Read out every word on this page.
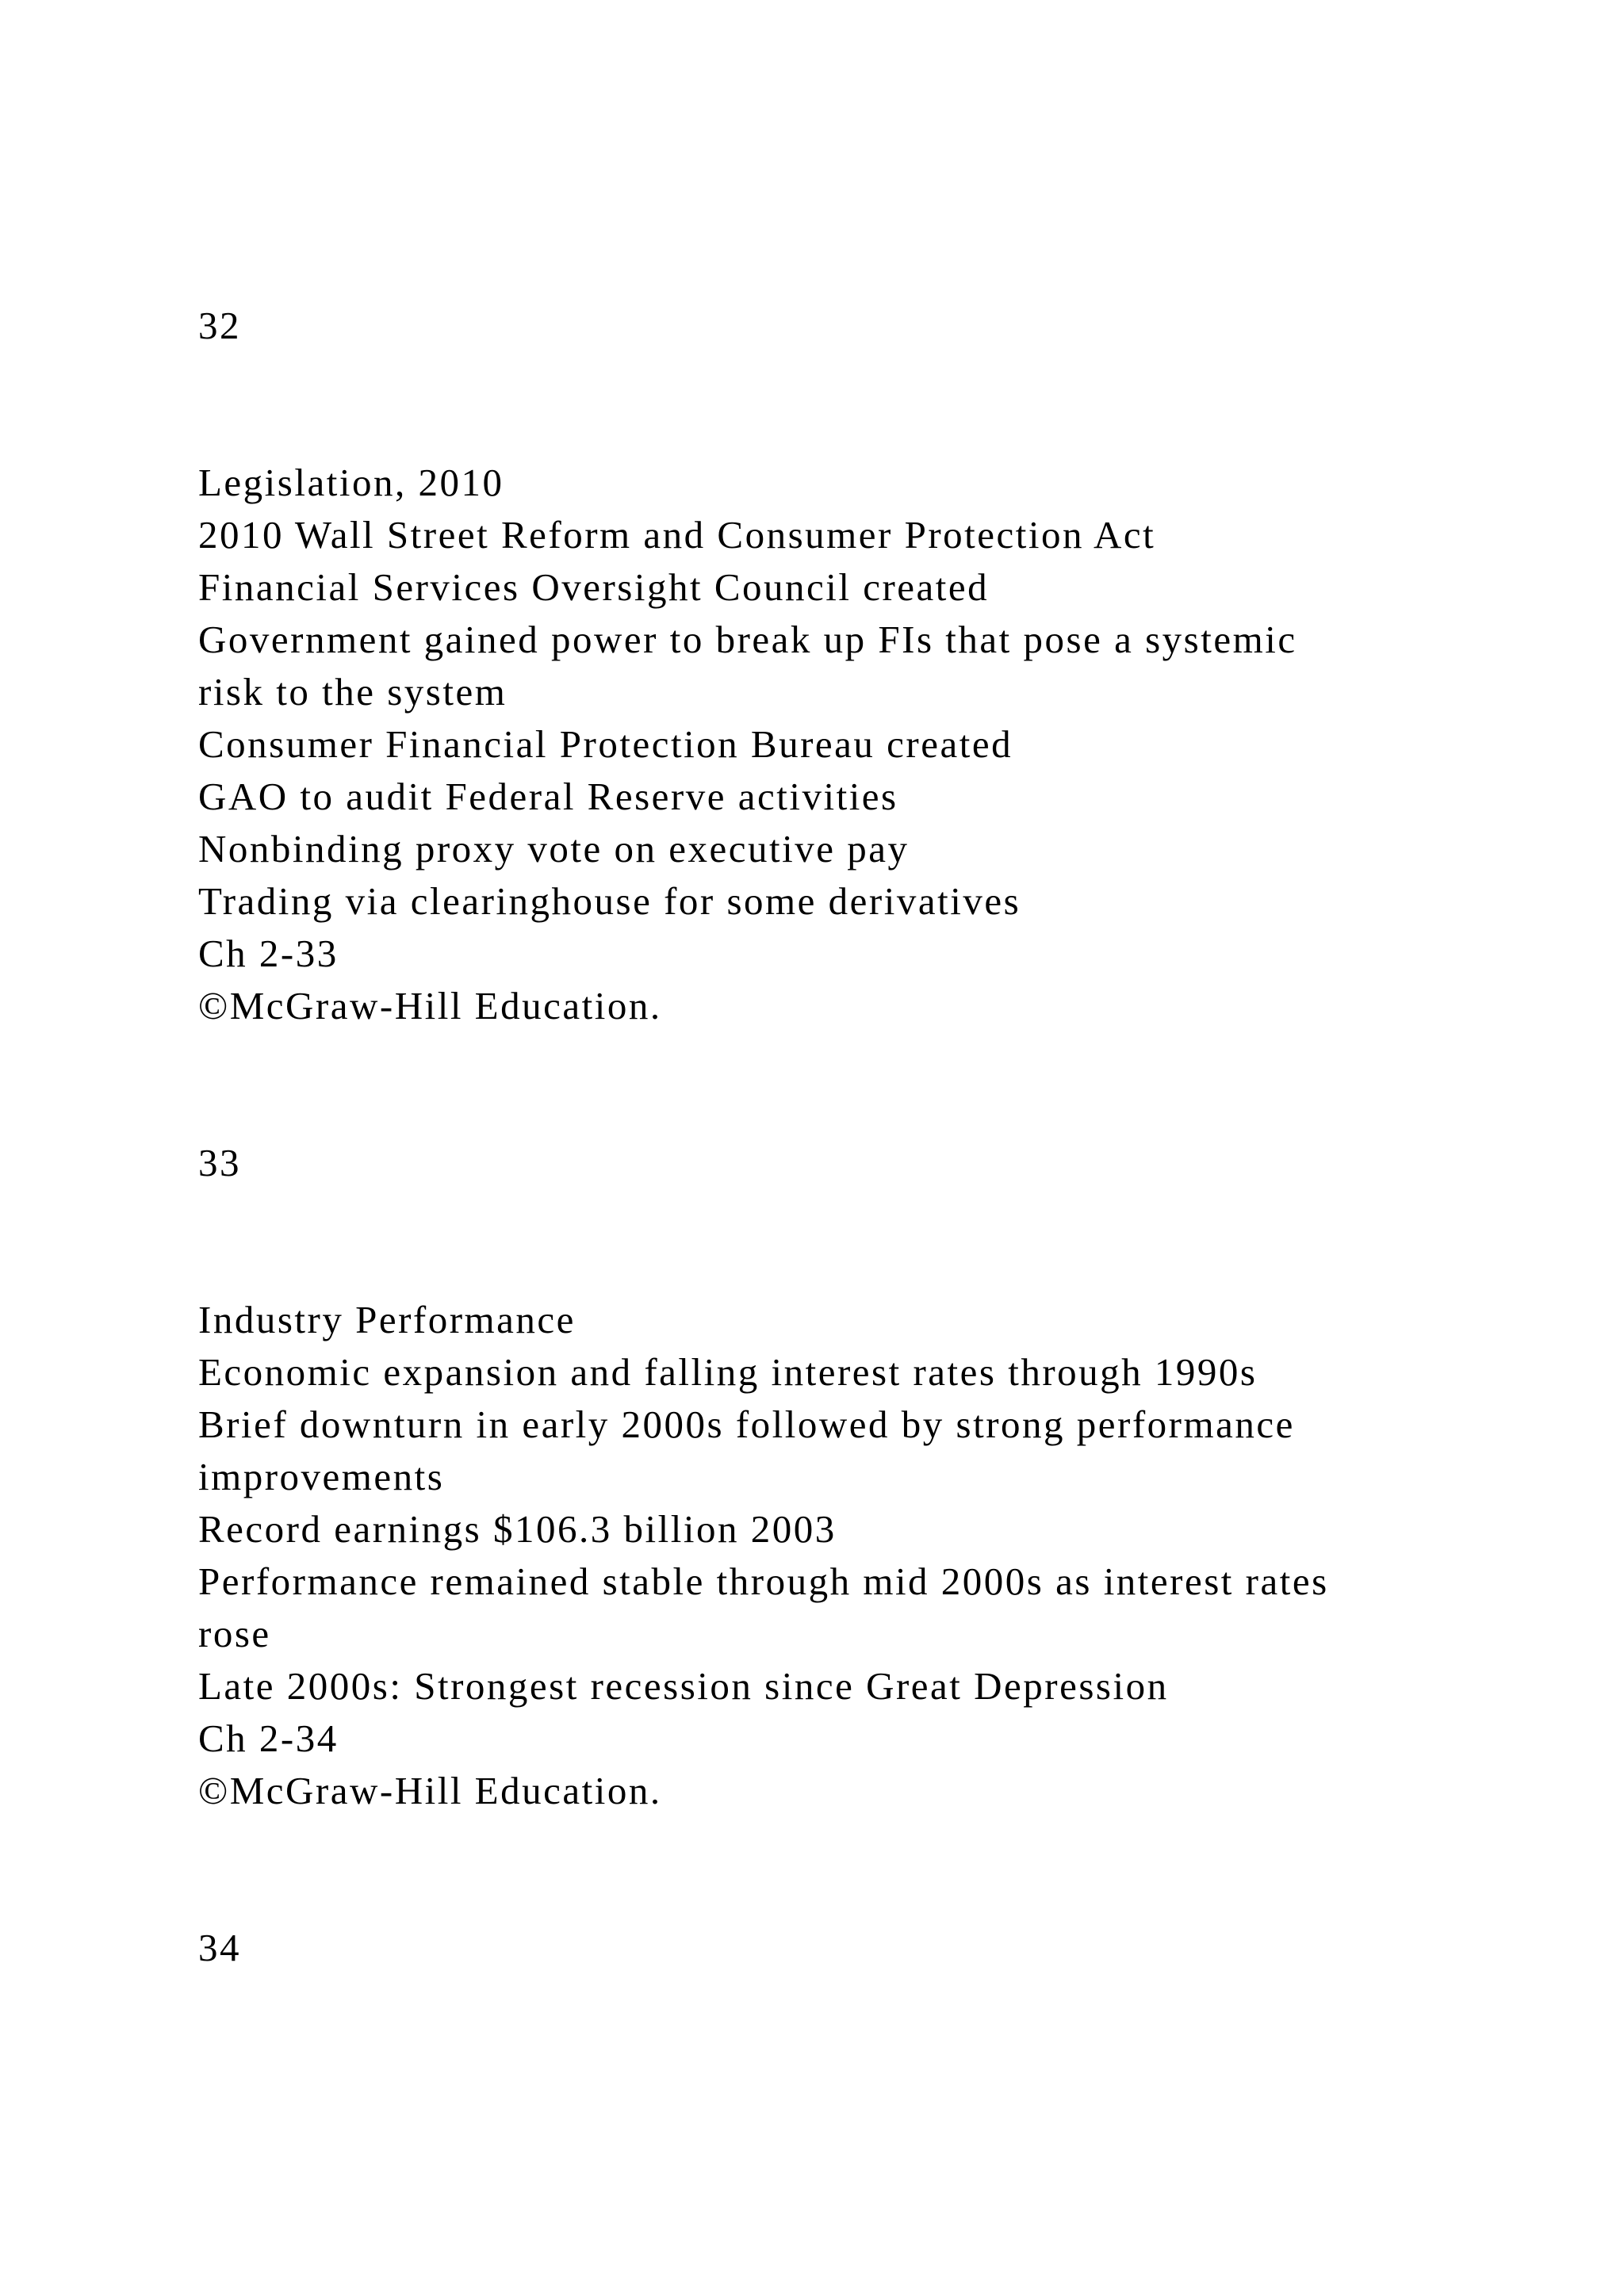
32

Legislation, 2010

2010 Wall Street Reform and Consumer Protection Act

Financial Services Oversight Council created

Government gained power to break up FIs that pose a systemic

risk to the system

Consumer Financial Protection Bureau created

GAO to audit Federal Reserve activities

Nonbinding proxy vote on executive pay

Trading via clearinghouse for some derivatives

Ch 2-33

©McGraw-Hill Education.

33

Industry Performance

Economic expansion and falling interest rates through 1990s

Brief downturn in early 2000s followed by strong performance

improvements

Record earnings $106.3 billion 2003

Performance remained stable through mid 2000s as interest rates

rose

Late 2000s: Strongest recession since Great Depression

Ch 2-34

©McGraw-Hill Education.

34
